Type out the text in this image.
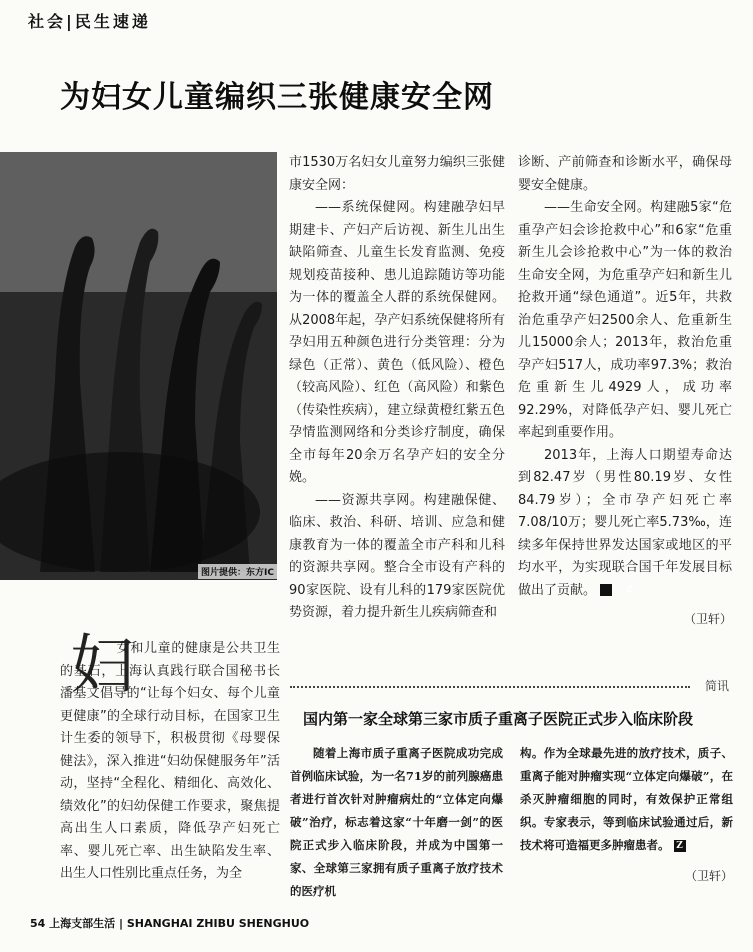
社会|民生速递
为妇女儿童编织三张健康安全网
图片提供：东方IC

市1530万名妇女儿童努力编织三张健康安全网：

——系统保健网。构建融孕妇早期建卡、产妇产后访视、新生儿出生缺陷筛查、儿童生长发育监测、免疫规划疫苗接种、患儿追踪随访等功能为一体的覆盖全人群的系统保健网。从2008年起，孕产妇系统保健将所有孕妇用五种颜色进行分类管理：分为绿色（正常）、黄色（低风险）、橙色（较高风险）、红色（高风险）和紫色（传染性疾病），建立绿黄橙红紫五色孕情监测网络和分类诊疗制度，确保全市每年20余万名孕产妇的安全分娩。

——资源共享网。构建融保健、临床、救治、科研、培训、应急和健康教育为一体的覆盖全市产科和儿科的资源共享网。整合全市设有产科的90家医院、设有儿科的179家医院优势资源，着力提升新生儿疾病筛查和

诊断、产前筛查和诊断水平，确保母婴安全健康。

——生命安全网。构建融5家“危重孕产妇会诊抢救中心”和6家“危重新生儿会诊抢救中心”为一体的救治生命安全网，为危重孕产妇和新生儿抢救开通“绿色通道”。近5年，共救治危重孕产妇2500余人、危重新生儿15000余人；2013年，救治危重孕产妇517人，成功率97.3%；救治危重新生儿4929人，成功率92.29%，对降低孕产妇、婴儿死亡率起到重要作用。

2013年，上海人口期望寿命达到82.47岁（男性80.19岁、女性84.79岁）；全市孕产妇死亡率7.08/10万；婴儿死亡率5.73‰，连续多年保持世界发达国家或地区的平均水平，为实现联合国千年发展目标做出了贡献。	Z

（卫轩）
妇

女和儿童的健康是公共卫生的基石，上海认真践行联合国秘书长潘基文倡导的“让每个妇女、每个儿童更健康”的全球行动目标，在国家卫生计生委的领导下，积极贯彻《母婴保健法》，深入推进“妇幼保健服务年”活动，坚持“全程化、精细化、高效化、绩效化”的妇幼保健工作要求，聚焦提高出生人口素质，降低孕产妇死亡率、婴儿死亡率、出生缺陷发生率、出生人口性别比重点任务，为全

简讯
国内第一家全球第三家市质子重离子医院正式步入临床阶段

随着上海市质子重离子医院成功完成首例临床试验，为一名71岁的前列腺癌患者进行首次针对肿瘤病灶的“立体定向爆破”治疗，标志着这家“十年磨一剑”的医院正式步入临床阶段，并成为中国第一家、全球第三家拥有质子重离子放疗技术的医疗机

构。作为全球最先进的放疗技术，质子、重离子能对肿瘤实现“立体定向爆破”，在杀灭肿瘤细胞的同时，有效保护正常组织。专家表示，等到临床试验通过后，新技术将可造福更多肿瘤患者。 Z

（卫轩）
54 上海支部生活 | SHANGHAI ZHIBU SHENGHUO
